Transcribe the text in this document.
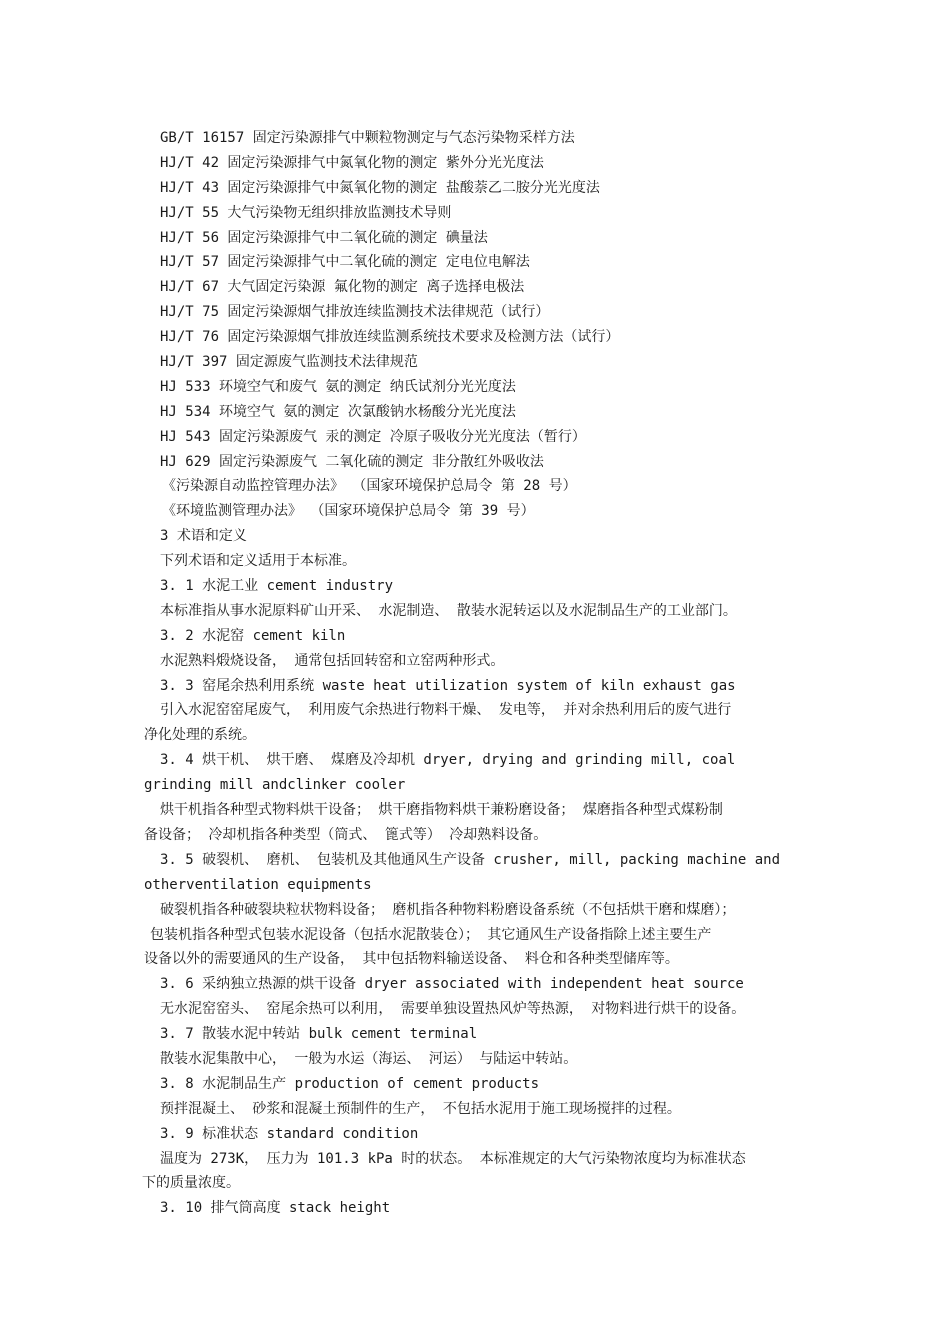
GB/T 16157 固定污染源排气中颗粒物测定与气态污染物采样方法
HJ/T 42 固定污染源排气中氮氧化物的测定 紫外分光光度法
HJ/T 43 固定污染源排气中氮氧化物的测定 盐酸萘乙二胺分光光度法
HJ/T 55 大气污染物无组织排放监测技术导则
HJ/T 56 固定污染源排气中二氧化硫的测定 碘量法
HJ/T 57 固定污染源排气中二氧化硫的测定 定电位电解法
HJ/T 67 大气固定污染源 氟化物的测定 离子选择电极法
HJ/T 75 固定污染源烟气排放连续监测技术法律规范（试行）
HJ/T 76 固定污染源烟气排放连续监测系统技术要求及检测方法（试行）
HJ/T 397 固定源废气监测技术法律规范
HJ 533 环境空气和废气 氨的测定 纳氏试剂分光光度法
HJ 534 环境空气 氨的测定 次氯酸钠水杨酸分光光度法
HJ 543 固定污染源废气 汞的测定 冷原子吸收分光光度法（暂行）
HJ 629 固定污染源废气 二氧化硫的测定 非分散红外吸收法
《污染源自动监控管理办法》 （国家环境保护总局令 第 28 号）
《环境监测管理办法》 （国家环境保护总局令 第 39 号）
3 术语和定义
下列术语和定义适用于本标准。
3. 1 水泥工业 cement industry
本标准指从事水泥原料矿山开采、 水泥制造、 散装水泥转运以及水泥制品生产的工业部门。
3. 2 水泥窑 cement kiln
水泥熟料煅烧设备， 通常包括回转窑和立窑两种形式。
3. 3 窑尾余热利用系统 waste heat utilization system of kiln exhaust gas
引入水泥窑窑尾废气， 利用废气余热进行物料干燥、 发电等， 并对余热利用后的废气进行
净化处理的系统。
3. 4 烘干机、 烘干磨、 煤磨及冷却机 dryer, drying and grinding mill, coal
grinding mill andclinker cooler
烘干机指各种型式物料烘干设备； 烘干磨指物料烘干兼粉磨设备； 煤磨指各种型式煤粉制
备设备； 冷却机指各种类型（筒式、 篦式等） 冷却熟料设备。
3. 5 破裂机、 磨机、 包装机及其他通风生产设备 crusher, mill, packing machine and
otherventilation equipments
破裂机指各种破裂块粒状物料设备； 磨机指各种物料粉磨设备系统（不包括烘干磨和煤磨）；
包装机指各种型式包装水泥设备（包括水泥散装仓）； 其它通风生产设备指除上述主要生产
设备以外的需要通风的生产设备， 其中包括物料输送设备、 料仓和各种类型储库等。
3. 6 采纳独立热源的烘干设备 dryer associated with independent heat source
无水泥窑窑头、 窑尾余热可以利用， 需要单独设置热风炉等热源， 对物料进行烘干的设备。
3. 7 散装水泥中转站 bulk cement terminal
散装水泥集散中心， 一般为水运（海运、 河运） 与陆运中转站。
3. 8 水泥制品生产 production of cement products
预拌混凝土、 砂浆和混凝土预制件的生产， 不包括水泥用于施工现场搅拌的过程。
3. 9 标准状态 standard condition
温度为 273K， 压力为 101.3 kPa 时的状态。 本标准规定的大气污染物浓度均为标准状态
下的质量浓度。
3. 10 排气筒高度 stack height
